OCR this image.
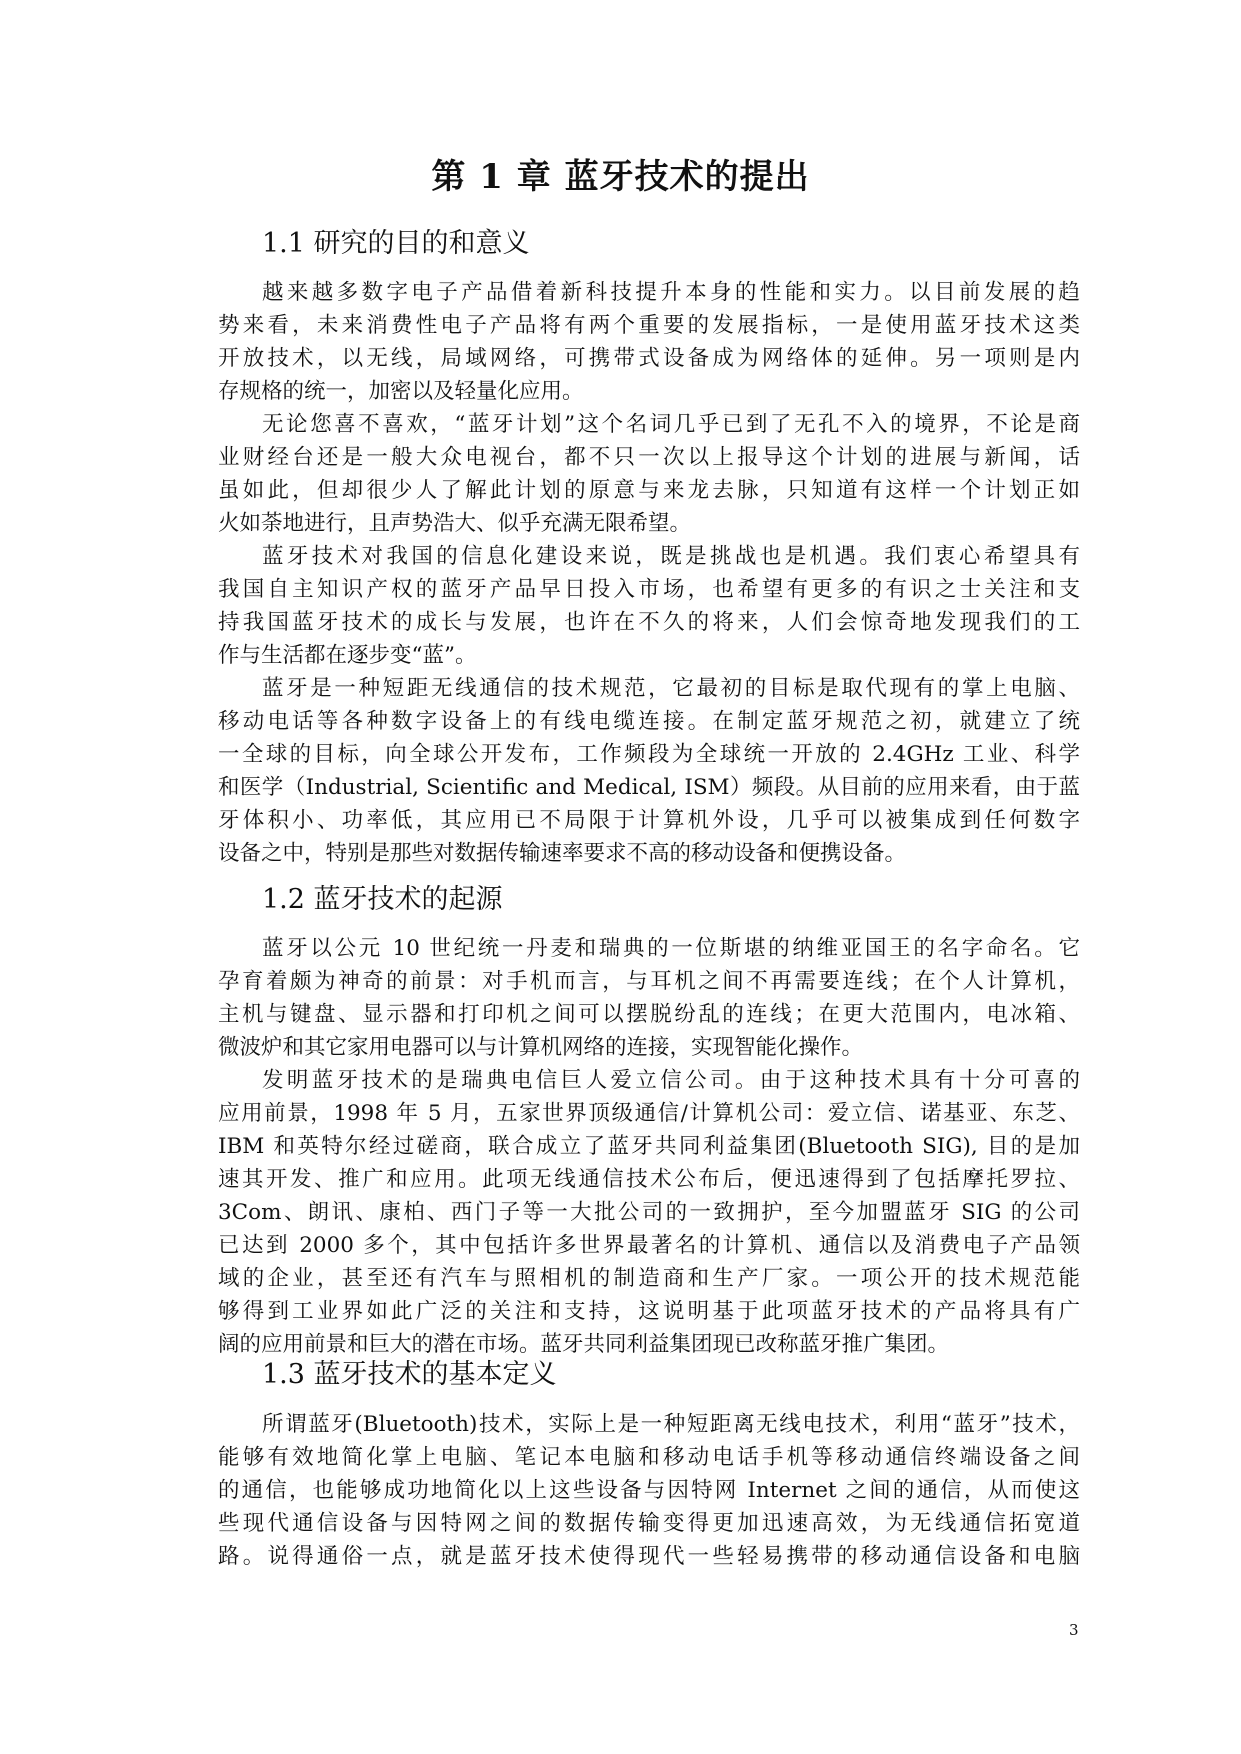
第 1 章 蓝牙技术的提出
1.1 研究的目的和意义
越来越多数字电子产品借着新科技提升本身的性能和实力。以目前发展的趋
势来看，未来消费性电子产品将有两个重要的发展指标，一是使用蓝牙技术这类
开放技术，以无线，局域网络，可携带式设备成为网络体的延伸。另一项则是内
存规格的统一，加密以及轻量化应用。
无论您喜不喜欢，“蓝牙计划”这个名词几乎已到了无孔不入的境界，不论是商
业财经台还是一般大众电视台，都不只一次以上报导这个计划的进展与新闻，话
虽如此，但却很少人了解此计划的原意与来龙去脉，只知道有这样一个计划正如
火如荼地进行，且声势浩大、似乎充满无限希望。
蓝牙技术对我国的信息化建设来说，既是挑战也是机遇。我们衷心希望具有
我国自主知识产权的蓝牙产品早日投入市场，也希望有更多的有识之士关注和支
持我国蓝牙技术的成长与发展，也许在不久的将来，人们会惊奇地发现我们的工
作与生活都在逐步变“蓝”。
蓝牙是一种短距无线通信的技术规范，它最初的目标是取代现有的掌上电脑、
移动电话等各种数字设备上的有线电缆连接。在制定蓝牙规范之初，就建立了统
一全球的目标，向全球公开发布，工作频段为全球统一开放的 2.4GHz 工业、科学
和医学（Industrial, Scientific and Medical, ISM）频段。从目前的应用来看，由于蓝
牙体积小、功率低，其应用已不局限于计算机外设，几乎可以被集成到任何数字
设备之中，特别是那些对数据传输速率要求不高的移动设备和便携设备。
1.2 蓝牙技术的起源
蓝牙以公元 10 世纪统一丹麦和瑞典的一位斯堪的纳维亚国王的名字命名。它
孕育着颇为神奇的前景：对手机而言，与耳机之间不再需要连线；在个人计算机，
主机与键盘、显示器和打印机之间可以摆脱纷乱的连线；在更大范围内，电冰箱、
微波炉和其它家用电器可以与计算机网络的连接，实现智能化操作。
发明蓝牙技术的是瑞典电信巨人爱立信公司。由于这种技术具有十分可喜的
应用前景，1998 年 5 月，五家世界顶级通信/计算机公司：爱立信、诺基亚、东芝、
IBM 和英特尔经过磋商，联合成立了蓝牙共同利益集团(Bluetooth SIG), 目的是加
速其开发、推广和应用。此项无线通信技术公布后，便迅速得到了包括摩托罗拉、
3Com、朗讯、康柏、西门子等一大批公司的一致拥护，至今加盟蓝牙 SIG 的公司
已达到 2000 多个，其中包括许多世界最著名的计算机、通信以及消费电子产品领
域的企业，甚至还有汽车与照相机的制造商和生产厂家。一项公开的技术规范能
够得到工业界如此广泛的关注和支持，这说明基于此项蓝牙技术的产品将具有广
阔的应用前景和巨大的潜在市场。蓝牙共同利益集团现已改称蓝牙推广集团。
1.3 蓝牙技术的基本定义
所谓蓝牙(Bluetooth)技术，实际上是一种短距离无线电技术，利用“蓝牙”技术，
能够有效地简化掌上电脑、笔记本电脑和移动电话手机等移动通信终端设备之间
的通信，也能够成功地简化以上这些设备与因特网 Internet 之间的通信，从而使这
些现代通信设备与因特网之间的数据传输变得更加迅速高效，为无线通信拓宽道
路。说得通俗一点，就是蓝牙技术使得现代一些轻易携带的移动通信设备和电脑
3
